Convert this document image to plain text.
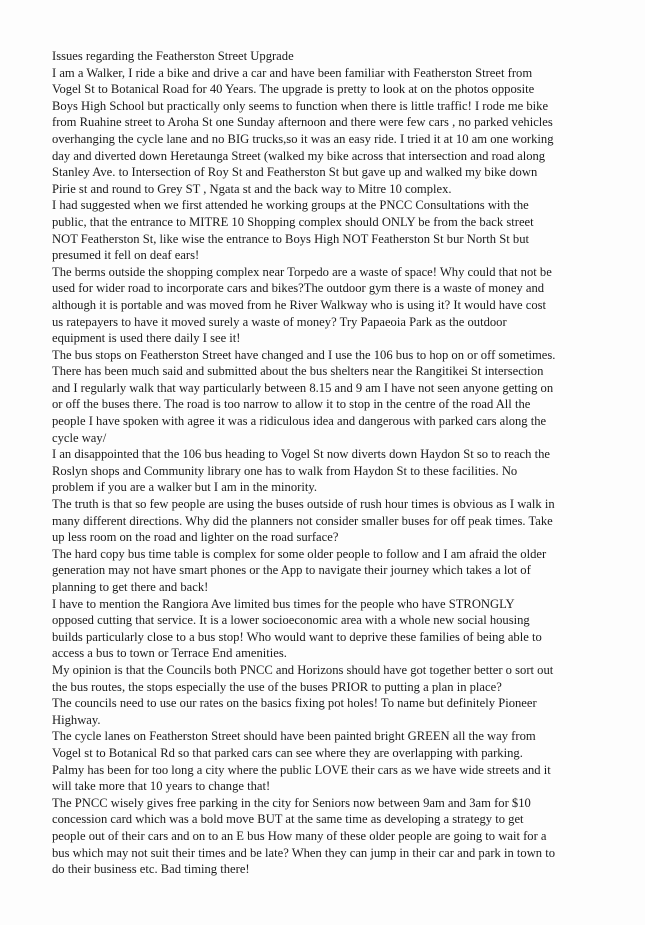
Issues regarding the Featherston Street Upgrade
I am a Walker, I ride a bike and drive a car and have been familiar with Featherston Street from
Vogel St to Botanical Road for 40 Years. The upgrade is pretty to look at on the photos opposite
Boys High School but practically only seems to function when there is little traffic! I rode me bike
from Ruahine street to Aroha St one Sunday afternoon and there were few cars , no parked vehicles
overhanging the cycle lane and no BIG trucks,so it was an easy ride. I tried it at 10 am one working
day and diverted down Heretaunga Street (walked my bike across that intersection and road along
Stanley Ave. to Intersection of Roy St and Featherston St but gave up and walked my bike down
Pirie st and round to Grey ST , Ngata st and the back way to Mitre 10 complex.
I had suggested when we first attended he working groups at the PNCC Consultations with the
public, that the entrance to MITRE 10 Shopping complex should ONLY be from the back street
NOT Featherston St, like wise the entrance to Boys High NOT Featherston St bur North St but
presumed it fell on deaf ears!
The berms outside the shopping complex near Torpedo are a waste of space! Why could that not be
used for wider road to incorporate cars and bikes?The outdoor gym there is a waste of money and
although it is portable and was moved from he River Walkway who is using it? It would have cost
us ratepayers to have it moved surely a waste of money? Try Papaeoia Park as the outdoor
equipment is used there daily I see it!
The bus stops on Featherston Street have changed and I use the 106 bus to hop on or off sometimes.
There has been much said and submitted about the bus shelters near the Rangitikei St intersection
and I regularly walk that way particularly between 8.15 and 9 am I have not seen anyone getting on
or off the buses there. The road is too narrow to allow it to stop in the centre of the road All the
people I have spoken with agree it was a ridiculous idea and dangerous with parked cars along the
cycle way/
I an disappointed that the 106 bus heading to Vogel St now diverts down Haydon St so to reach the
Roslyn shops and Community library one has to walk from Haydon St to these facilities. No
problem if you are a walker but I am in the minority.
The truth is that so few people are using the buses outside of rush hour times is obvious as I walk in
many different directions. Why did the planners not consider smaller buses for off peak times. Take
up less room on the road and lighter on the road surface?
The hard copy bus time table is complex for some older people to follow and I am afraid the older
generation may not have smart phones or the App to navigate their journey which takes a lot of
planning to get there and back!
I have to mention the Rangiora Ave limited bus times for the people who have STRONGLY
opposed cutting that service. It is a lower socioeconomic area with a whole new social housing
builds particularly close to a bus stop! Who would want to deprive these families of being able to
access a bus to town or Terrace End amenities.
My opinion is that the Councils both PNCC and Horizons should have got together better o sort out
the bus routes, the stops especially the use of the buses PRIOR to putting a plan in place?
The councils need to use our rates on the basics fixing pot holes! To name but definitely Pioneer
Highway.
The cycle lanes on Featherston Street should have been painted bright GREEN all the way from
Vogel st to Botanical Rd so that parked cars can see where they are overlapping with parking.
Palmy has been for too long a city where the public LOVE their cars as we have wide streets and it
will take more that 10 years to change that!
The PNCC wisely gives free parking in the city for Seniors now between 9am and 3am for $10
concession card which was a bold move BUT at the same time as developing a strategy to get
people out of their cars and on to an E bus How many of these older people are going to wait for a
bus which may not suit their times and be late? When they can jump in their car and park in town to
do their business etc. Bad timing there!
